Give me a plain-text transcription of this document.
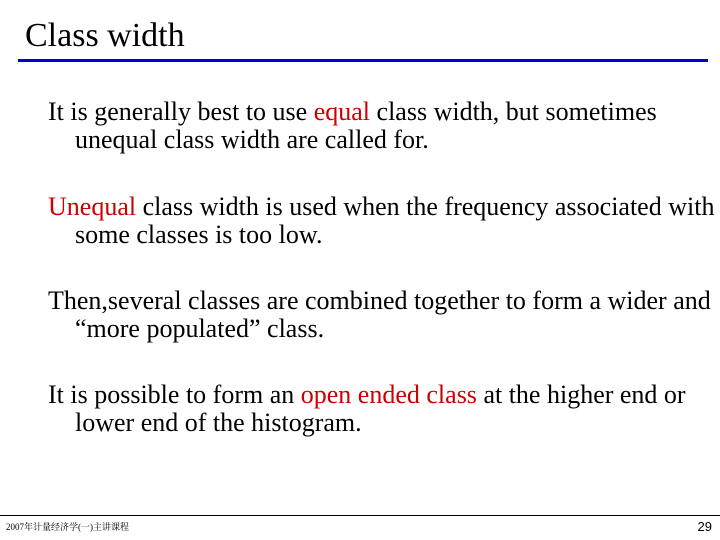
Class width
It is generally best to use equal class width, but sometimes unequal class width are called for.
Unequal class width is used when the frequency associated with some classes is too low.
Then,several classes are combined together to form a wider and “more populated” class.
It is possible to form an open ended class at the higher end or lower end of the histogram.
2007年计量经济学(一)主讲课程	29
